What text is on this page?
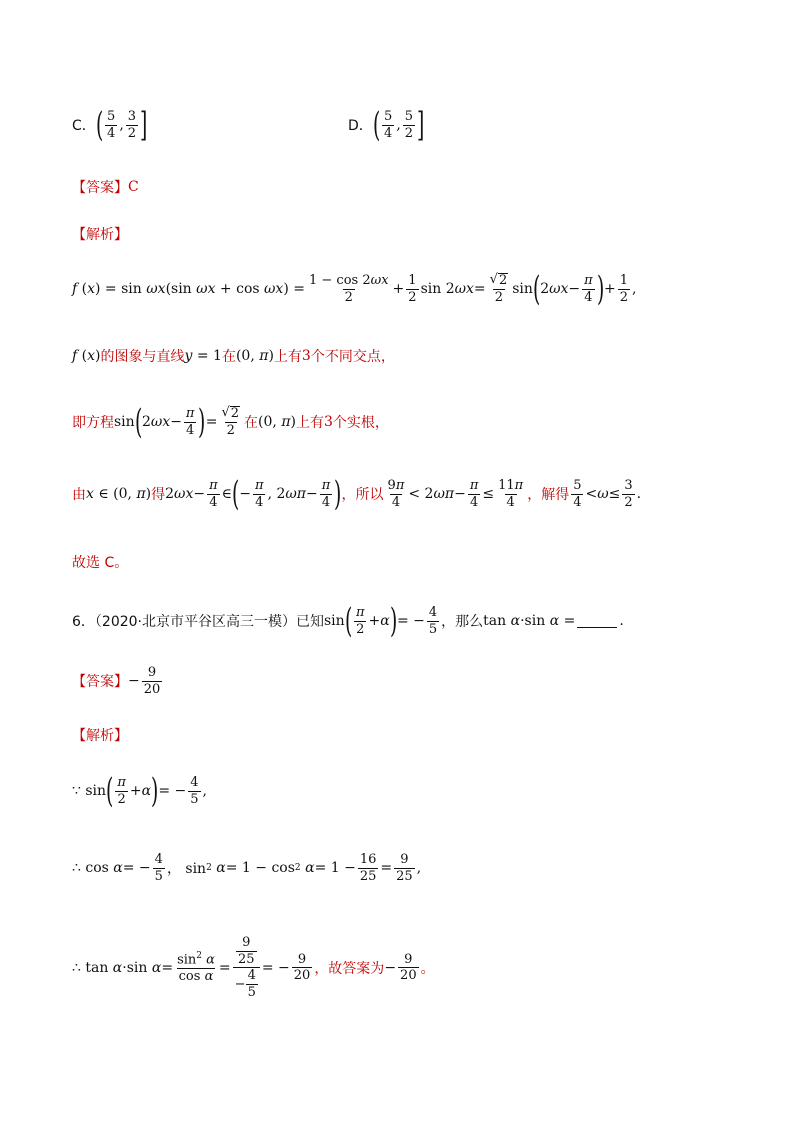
C． ( $\frac{5}{4}$ , $\frac{3}{2}$ ]	D． ( $\frac{5}{4}$ , $\frac{5}{2}$ ]
【答案】 C
【解析】
f
( x ) = sin ωx (sin ωx + cos ωx ) = $\frac{1 - \cos 2\omega x}{2} + \frac{1}{2}$ sin 2 $\omega x = \frac{√ 2}{2}$ sin ( 2 $\omega x - \frac{\pi}{4}$ ) + $\frac{1}{2}$ ,
f (x) 的图象与直线 y = 1 在 (0, π) 上有 3 个不同交点，
即方程 sin ( 2 $\omega x - \frac{\pi}{4}$ ) = $\frac{√ 2}{2}$ 在 (0, π) 上有 3 个实根，
由 x ∈ (0, π) 得 2 $\omega x - \frac{\pi}{4}$ ∈ ( − $\frac{\pi}{4}$ , 2 $\omega\pi - \frac{\pi}{4}$ ) ，所以 $\frac{9\pi}{4} < 2$ $\omega\pi - \frac{\pi}{4} \le \frac{11\pi}{4}$ ，解得 $\frac{5}{4} < \omega \le \frac{3}{2}$ .
故选 C。
6．（2020·北京市平谷区高三一模）已知 sin ( $\frac{\pi}{2} + \alpha$ ) = − $\frac{4}{5}$ ，那么 tan α·sin α =	.
【答案】 − $\frac{9}{20}$
【解析】
∵ sin ( $\frac{\pi}{2} + \alpha$ ) = − $\frac{4}{5}$ ,
∴ cos α = − $\frac{4}{5}$ ， sin 2
α = 1 − cos 2
$\alpha = 1 - \frac{16}{25} = \frac{9}{25}$ ,
∴ tan α ·sin $\alpha = \frac{\sin^2 \alpha}{\text{cos α}} = \frac{\frac{9}{25}}{- \frac{4}{5}}$ = − $\frac{9}{20}$ ，故答案为 − $\frac{9}{20}$ 。
